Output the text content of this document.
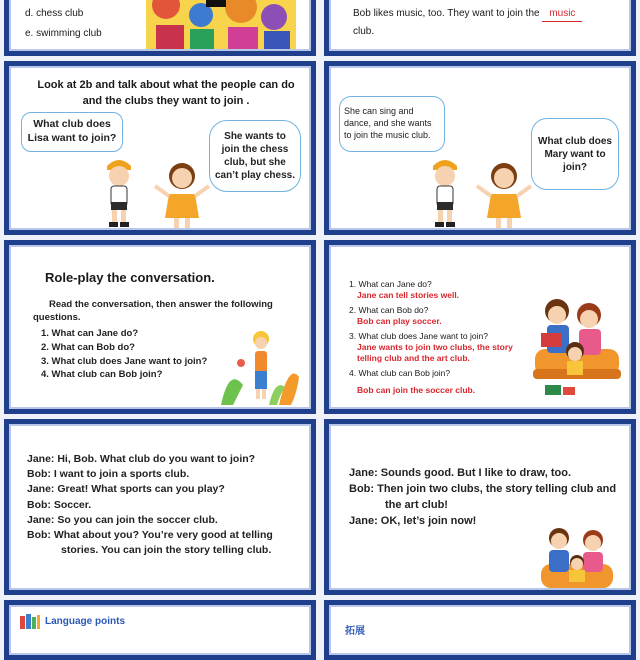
d. chess club
e. swimming club
Bob likes music, too. They want to join the music
club.
Look at 2b and talk about what the people can do and the clubs they want to join .
What club does Lisa want to join?	She wants to join the chess club, but she can’t play chess.
She can sing and dance, and she wants to join the music club.
What club does Mary want to join?
Role-play the conversation.
Read the conversation, then answer the following questions.
1. What can Jane do?
2. What can Bob do?
3. What club does Jane want to join?
4. What club can Bob join?
1. What can Jane do?
Jane can tell stories well.
2. What can Bob do?
Bob can play soccer.
3. What club does Jane want to join?
Jane wants to join two clubs, the story telling club and the art club.
4. What club can Bob join?
Bob can join the soccer club.

Jane: Hi, Bob. What club do you want to join?

Bob: I want to join a sports club.

Jane: Great! What sports can you play?

Bob: Soccer.

Jane: So you can join the soccer club.

Bob: What about you? You’re very good at telling

stories. You can join the story telling club.

Jane: Sounds good. But I like to draw, too.

Bob: Then join two clubs, the story telling club and

the art club!

Jane: OK, let’s join now!

Language points
拓展
